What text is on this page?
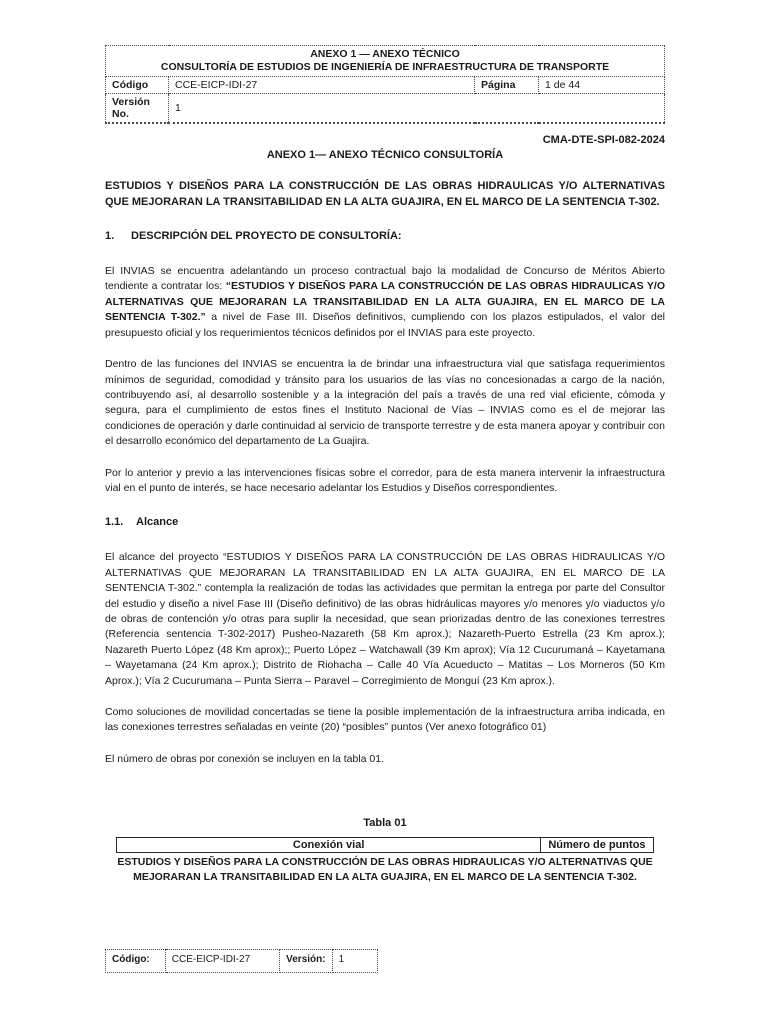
ANEXO 1 — ANEXO TÉCNICO
CONSULTORÍA DE ESTUDIOS DE INGENIERÍA DE INFRAESTRUCTURA DE TRANSPORTE			

Código	CCE-EICP-IDI-27	Página	1 de 44
Versión No.	1		
CMA-DTE-SPI-082-2024
ANEXO 1— ANEXO TÉCNICO CONSULTORÍA
ESTUDIOS Y DISEÑOS PARA LA CONSTRUCCIÓN DE LAS OBRAS HIDRAULICAS Y/O ALTERNATIVAS QUE MEJORARAN LA TRANSITABILIDAD EN LA ALTA GUAJIRA, EN EL MARCO DE LA SENTENCIA T-302.
1.	DESCRIPCIÓN DEL PROYECTO DE CONSULTORÍA:

El INVIAS se encuentra adelantando un proceso contractual bajo la modalidad de Concurso de Méritos Abierto tendiente a contratar los: “ESTUDIOS Y DISEÑOS PARA LA CONSTRUCCIÓN DE LAS OBRAS HIDRAULICAS Y/O ALTERNATIVAS QUE MEJORARAN LA TRANSITABILIDAD EN LA ALTA GUAJIRA, EN EL MARCO DE LA SENTENCIA T-302.” a nivel de Fase III. Diseños definitivos, cumpliendo con los plazos estipulados, el valor del presupuesto oficial y los requerimientos técnicos definidos por el INVIAS para este proyecto.

Dentro de las funciones del INVIAS se encuentra la de brindar una infraestructura vial que satisfaga requerimientos mínimos de seguridad, comodidad y tránsito para los usuarios de las vías no concesionadas a cargo de la nación, contribuyendo así, al desarrollo sostenible y a la integración del país a través de una red vial eficiente, cómoda y segura, para el cumplimiento de estos fines el Instituto Nacional de Vías – INVIAS como es el de mejorar las condiciones de operación y darle continuidad al servicio de transporte terrestre y de esta manera apoyar y contribuir con el desarrollo económico del departamento de La Guajira.

Por lo anterior y previo a las intervenciones físicas sobre el corredor, para de esta manera intervenir la infraestructura vial en el punto de interés, se hace necesario adelantar los Estudios y Diseños correspondientes.

1.1.	Alcance

El alcance del proyecto “ESTUDIOS Y DISEÑOS PARA LA CONSTRUCCIÓN DE LAS OBRAS HIDRAULICAS Y/O ALTERNATIVAS QUE MEJORARAN LA TRANSITABILIDAD EN LA ALTA GUAJIRA, EN EL MARCO DE LA SENTENCIA T-302.” contempla la realización de todas las actividades que permitan la entrega por parte del Consultor del estudio y diseño a nivel Fase III (Diseño definitivo) de las obras hidráulicas mayores y/o menores y/o viaductos y/o de obras de contención y/o otras para suplir la necesidad, que sean priorizadas dentro de las conexiones terrestres (Referencia sentencia T-302-2017) Pusheo-Nazareth (58 Km aprox.); Nazareth-Puerto Estrella (23 Km aprox.); Nazareth Puerto López (48 Km aprox);; Puerto López – Watchawall (39 Km aprox); Vía 12 Cucurumaná – Kayetamana – Wayetamana (24 Km aprox.); Distrito de Riohacha – Calle 40 Vía Acueducto – Matitas – Los Morneros (50 Km Aprox.); Vía 2 Cucurumana – Punta Sierra – Paravel – Corregimiento de Monguí (23 Km aprox.).

Como soluciones de movilidad concertadas se tiene la posible implementación de la infraestructura arriba indicada, en las conexiones terrestres señaladas en veinte (20) “posibles” puntos (Ver anexo fotográfico 01)

El número de obras por conexión se incluyen en la tabla 01.

Tabla 01
Conexión vial	Número de puntos
ESTUDIOS Y DISEÑOS PARA LA CONSTRUCCIÓN DE LAS OBRAS HIDRAULICAS Y/O ALTERNATIVAS QUE MEJORARAN LA TRANSITABILIDAD EN LA ALTA GUAJIRA, EN EL MARCO DE LA SENTENCIA T-302.
Código:	CCE-EICP-IDI-27	Versión:	1
